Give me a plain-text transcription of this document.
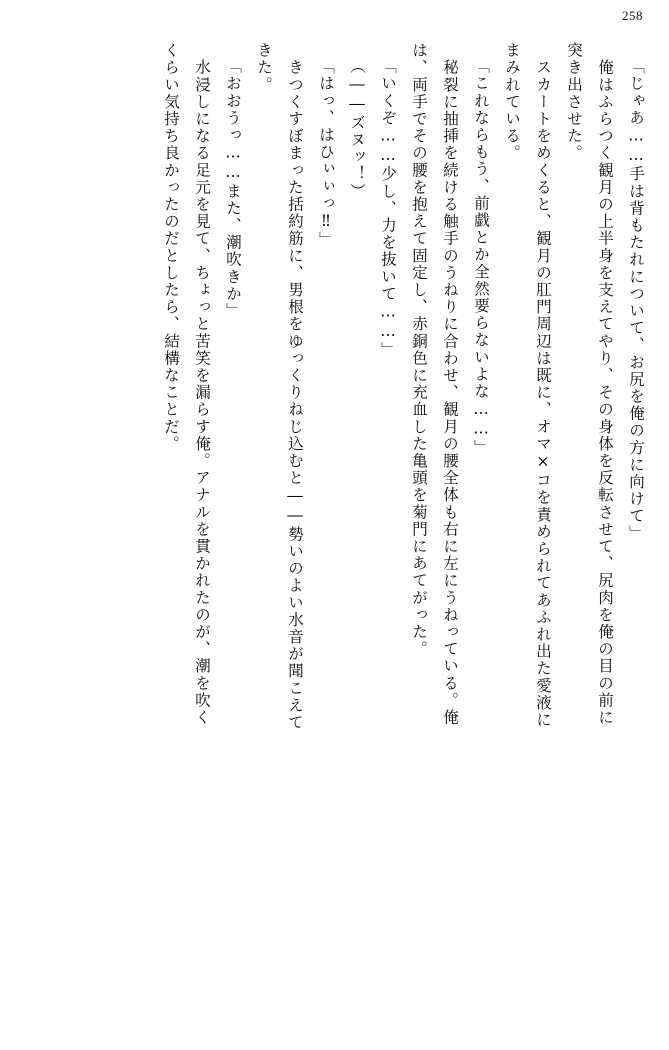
258
「じゃあ……手は背もたれについて、お尻を俺の方に向けて」
　俺はふらつく観月の上半身を支えてやり、その身体を反転させて、尻肉を俺の目の前に
突き出させた。
　スカートをめくると、観月の肛門周辺は既に、オマ×コを責められてあふれ出た愛液に
まみれている。
「これならもう、前戯とか全然要らないよな……」
　秘裂に抽挿を続ける触手のうねりに合わせ、観月の腰全体も右に左にうねっている。俺
は、両手でその腰を抱えて固定し、赤銅色に充血した亀頭を菊門にあてがった。
「いくぞ……少し、力を抜いて……」
（――ズヌッ！）
「はっ、はひぃぃっ‼」
　きつくすぼまった括約筋に、男根をゆっくりねじ込むと――勢いのよい水音が聞こえて
きた。
「おおうっ……また、潮吹きか」
　水浸しになる足元を見て、ちょっと苦笑を漏らす俺。アナルを貫かれたのが、潮を吹く
くらい気持ち良かったのだとしたら、結構なことだ。
